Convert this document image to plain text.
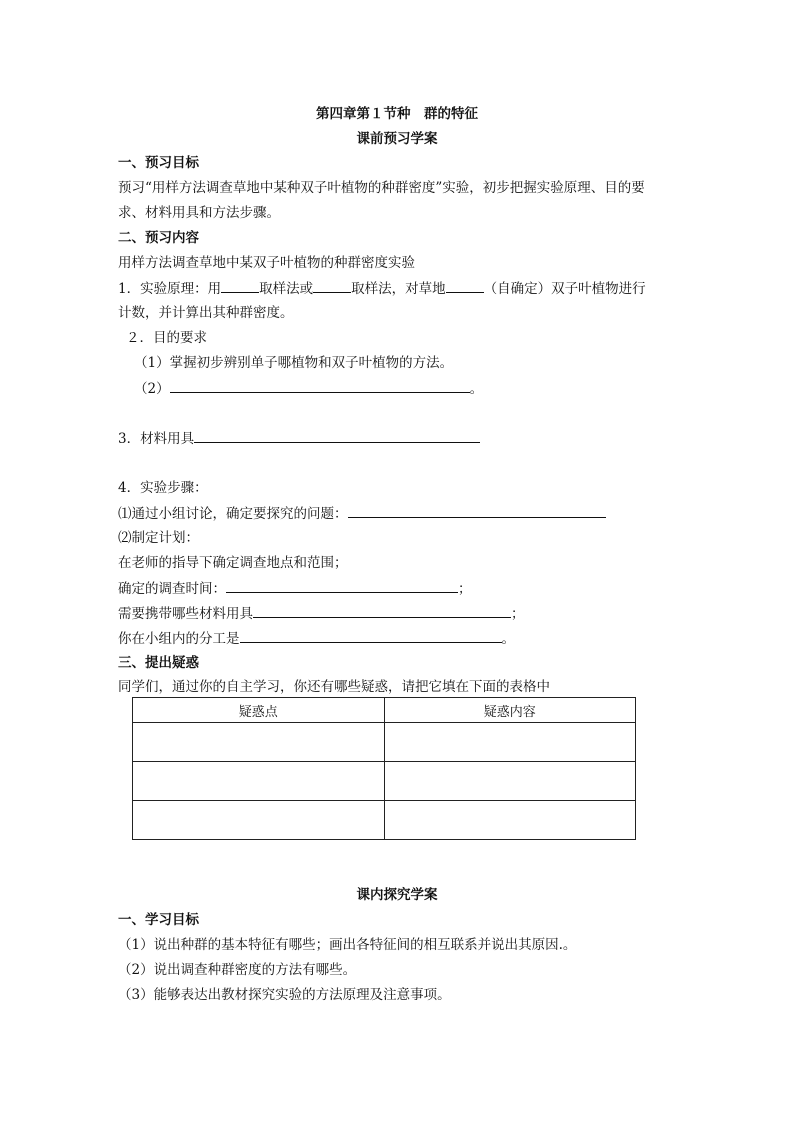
第四章第１节种　群的特征
课前预习学案
一、预习目标
预习“用样方法调查草地中某种双子叶植物的种群密度”实验，初步把握实验原理、目的要
求、材料用具和方法步骤。
二、预习内容
用样方法调查草地中某双子叶植物的种群密度实验
1．实验原理：用	取样法或	取样法，对草地	（自确定）双子叶植物进行
计数，并计算出其种群密度。
２．目的要求
（1）掌握初步辨别单子哪植物和双子叶植物的方法。
（2）	。
3．材料用具
4．实验步骤：
⑴通过小组讨论，确定要探究的问题：
⑵制定计划：
在老师的指导下确定调查地点和范围；
确定的调查时间：	；
需要携带哪些材料用具	；
你在小组内的分工是	。
三、提出疑惑
同学们，通过你的自主学习，你还有哪些疑惑，请把它填在下面的表格中
疑惑点	疑惑内容

课内探究学案
一、学习目标
（1）说出种群的基本特征有哪些；画出各特征间的相互联系并说出其原因.。
（2）说出调查种群密度的方法有哪些。
（3）能够表达出教材探究实验的方法原理及注意事项。
